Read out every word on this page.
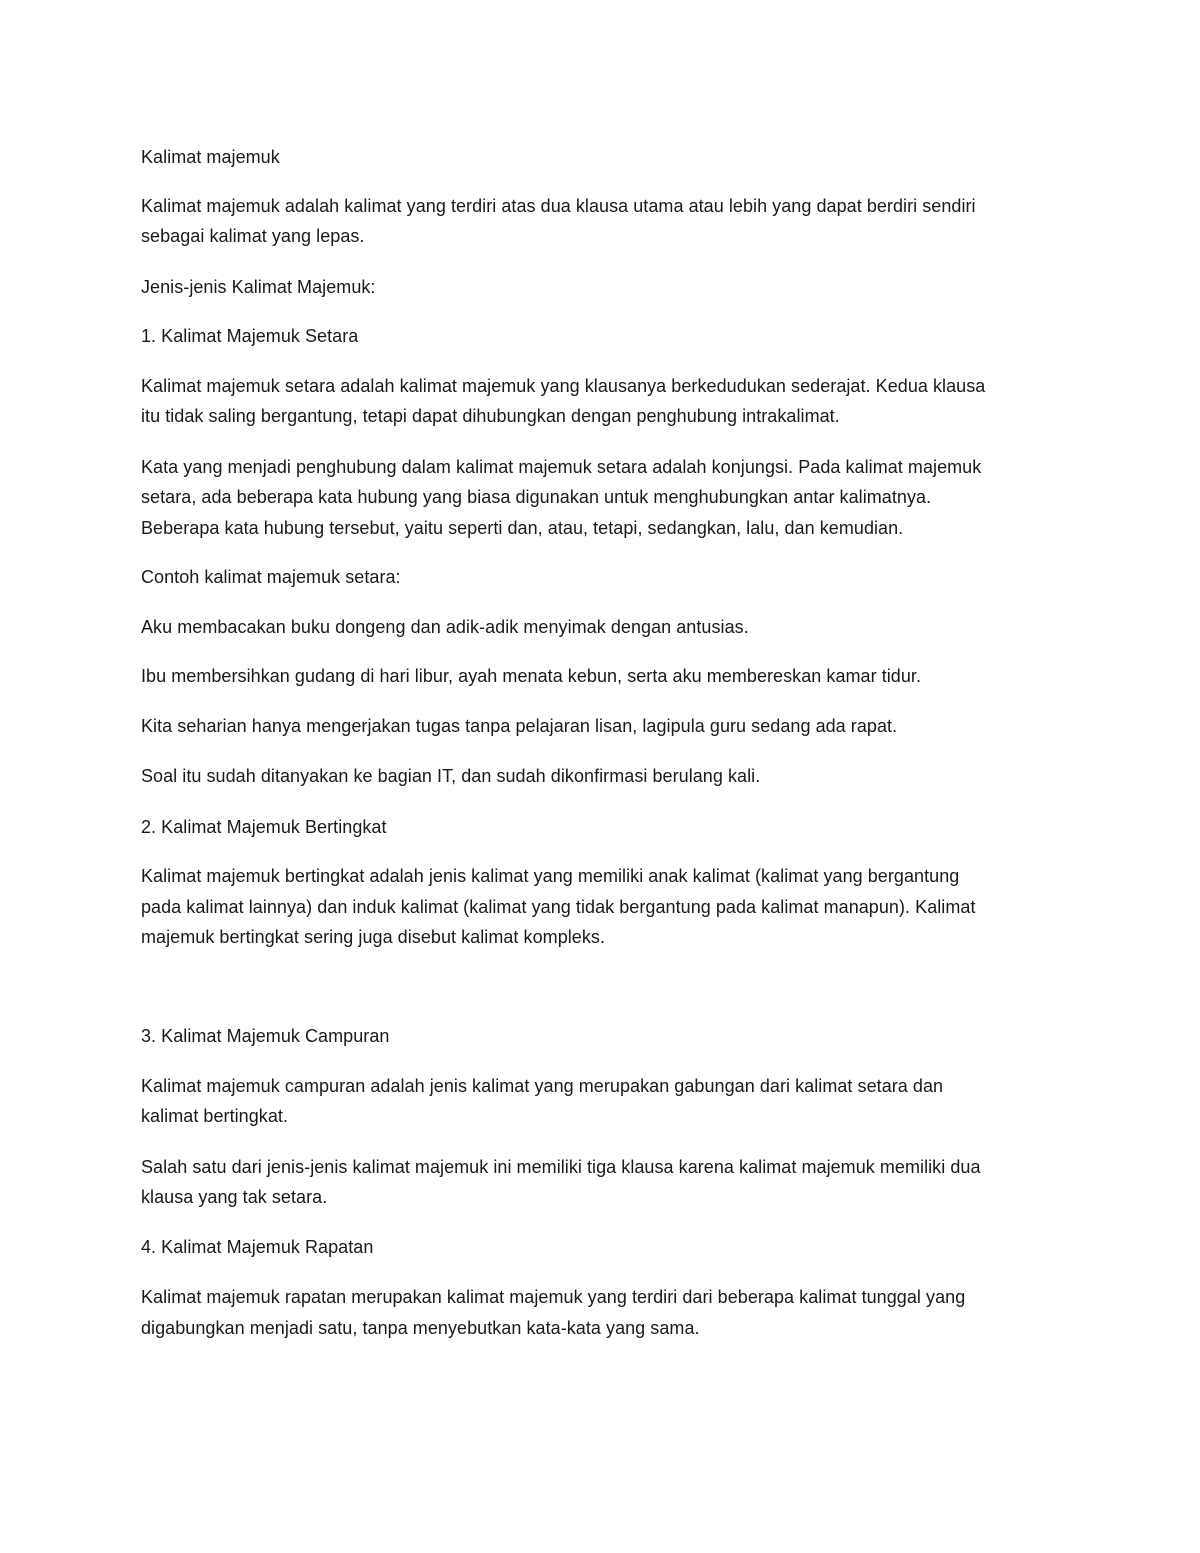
Kalimat majemuk
Kalimat majemuk adalah kalimat yang terdiri atas dua klausa utama atau lebih yang dapat berdiri sendiri
sebagai kalimat yang lepas.
Jenis-jenis Kalimat Majemuk:
1. Kalimat Majemuk Setara
Kalimat majemuk setara adalah kalimat majemuk yang klausanya berkedudukan sederajat. Kedua klausa
itu tidak saling bergantung, tetapi dapat dihubungkan dengan penghubung intrakalimat.
Kata yang menjadi penghubung dalam kalimat majemuk setara adalah konjungsi. Pada kalimat majemuk
setara, ada beberapa kata hubung yang biasa digunakan untuk menghubungkan antar kalimatnya.
Beberapa kata hubung tersebut, yaitu seperti dan, atau, tetapi, sedangkan, lalu, dan kemudian.
Contoh kalimat majemuk setara:
Aku membacakan buku dongeng dan adik-adik menyimak dengan antusias.
Ibu membersihkan gudang di hari libur, ayah menata kebun, serta aku membereskan kamar tidur.
Kita seharian hanya mengerjakan tugas tanpa pelajaran lisan, lagipula guru sedang ada rapat.
Soal itu sudah ditanyakan ke bagian IT, dan sudah dikonfirmasi berulang kali.
2. Kalimat Majemuk Bertingkat
Kalimat majemuk bertingkat adalah jenis kalimat yang memiliki anak kalimat (kalimat yang bergantung
pada kalimat lainnya) dan induk kalimat (kalimat yang tidak bergantung pada kalimat manapun). Kalimat
majemuk bertingkat sering juga disebut kalimat kompleks.
3. Kalimat Majemuk Campuran
Kalimat majemuk campuran adalah jenis kalimat yang merupakan gabungan dari kalimat setara dan
kalimat bertingkat.
Salah satu dari jenis-jenis kalimat majemuk ini memiliki tiga klausa karena kalimat majemuk memiliki dua
klausa yang tak setara.
4. Kalimat Majemuk Rapatan
Kalimat majemuk rapatan merupakan kalimat majemuk yang terdiri dari beberapa kalimat tunggal yang
digabungkan menjadi satu, tanpa menyebutkan kata-kata yang sama.
